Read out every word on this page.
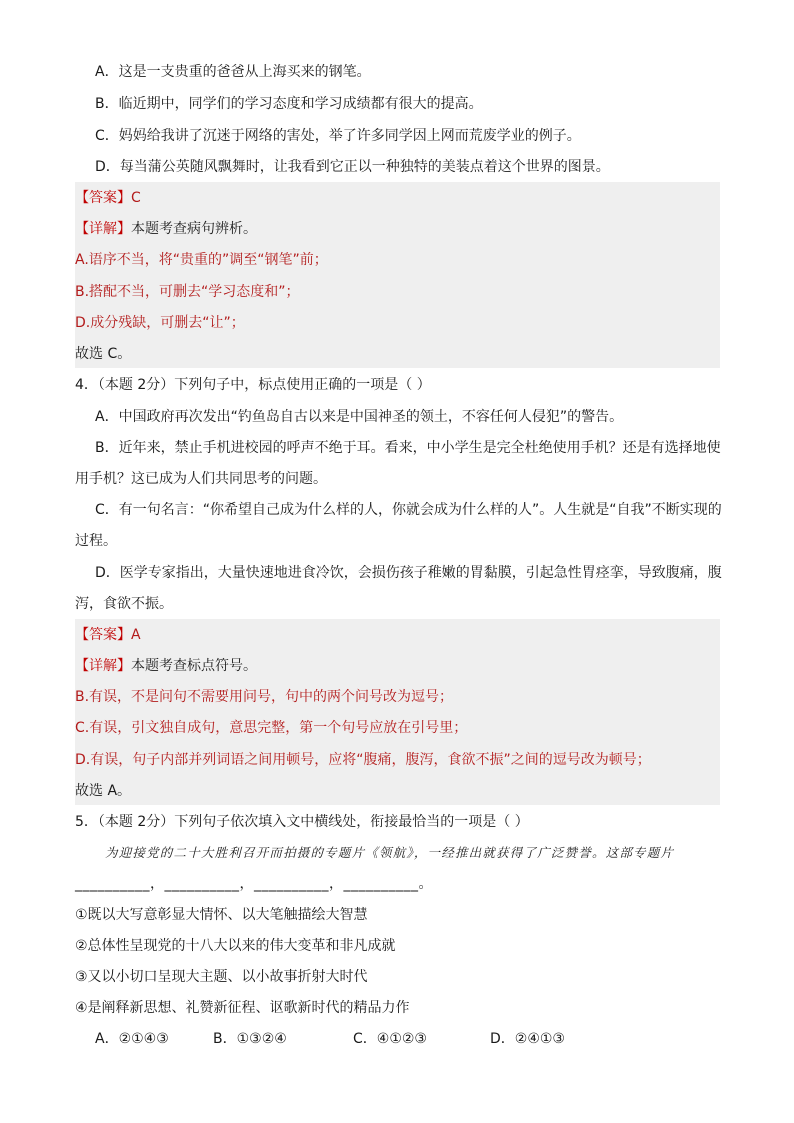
A．这是一支贵重的爸爸从上海买来的钢笔。
B．临近期中，同学们的学习态度和学习成绩都有很大的提高。
C．妈妈给我讲了沉迷于网络的害处，举了许多同学因上网而荒废学业的例子。
D．每当蒲公英随风飘舞时，让我看到它正以一种独特的美装点着这个世界的图景。
【答案】C
【详解】本题考查病句辨析。
A.语序不当，将“贵重的”调至“钢笔”前；
B.搭配不当，可删去“学习态度和”；
D.成分残缺，可删去“让”；
故选 C。
4．（本题 2分）下列句子中，标点使用正确的一项是（ ）
A．中国政府再次发出“钓鱼岛自古以来是中国神圣的领土，不容任何人侵犯”的警告。
B．近年来，禁止手机进校园的呼声不绝于耳。看来，中小学生是完全杜绝使用手机？还是有选择地使
用手机？这已成为人们共同思考的问题。
C．有一句名言：“你希望自己成为什么样的人，你就会成为什么样的人”。人生就是“自我”不断实现的
过程。
D．医学专家指出，大量快速地进食冷饮，会损伤孩子稚嫩的胃黏膜，引起急性胃痉挛，导致腹痛，腹
泻，食欲不振。
【答案】A
【详解】本题考查标点符号。
B.有误，不是问句不需要用问号，句中的两个问号改为逗号；
C.有误，引文独自成句，意思完整，第一个句号应放在引号里；
D.有误，句子内部并列词语之间用顿号，应将“腹痛，腹泻，食欲不振”之间的逗号改为顿号；
故选 A。
5．（本题 2分）下列句子依次填入文中横线处，衔接最恰当的一项是（ ）
为迎接党的二十大胜利召开而拍摄的专题片《领航》，一经推出就获得了广泛赞誉。这部专题片
__________，__________，__________，__________。
①既以大写意彰显大情怀、以大笔触描绘大智慧
②总体性呈现党的十八大以来的伟大变革和非凡成就
③又以小切口呈现大主题、以小故事折射大时代
④是阐释新思想、礼赞新征程、讴歌新时代的精品力作
A．②①④③	B．①③②④	C．④①②③	D．②④①③
